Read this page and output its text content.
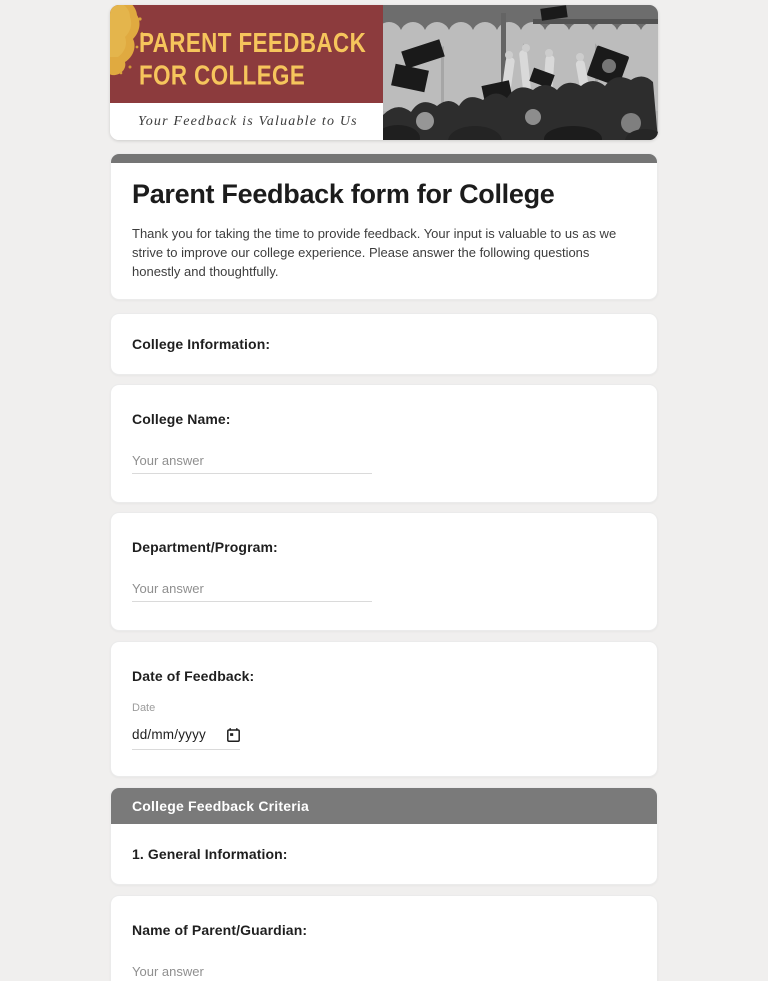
PARENT FEEDBACK
FOR COLLEGE
Your Feedback is Valuable to Us
Parent Feedback form for College
Thank you for taking the time to provide feedback. Your input is valuable to us as we strive to improve our college experience. Please answer the following questions honestly and thoughtfully.
College Information:
College Name:
Your answer
Department/Program:
Your answer
Date of Feedback:
Date
dd/mm/yyyy
College Feedback Criteria
1. General Information:
Name of Parent/Guardian:
Your answer
